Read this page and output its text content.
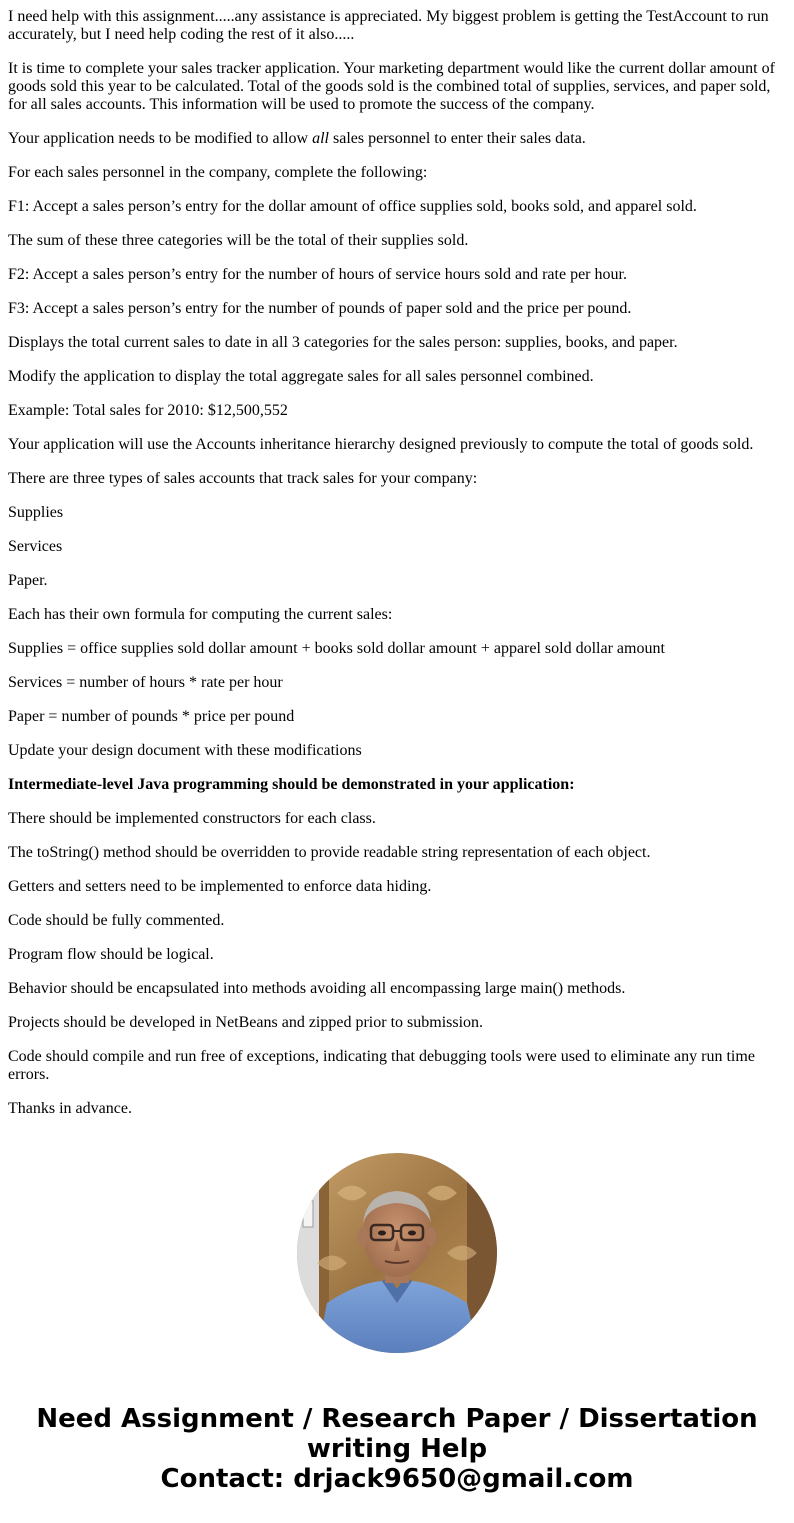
I need help with this assignment.....any assistance is appreciated. My biggest problem is getting the TestAccount to run accurately, but I need help coding the rest of it also.....

It is time to complete your sales tracker application. Your marketing department would like the current dollar amount of goods sold this year to be calculated. Total of the goods sold is the combined total of supplies, services, and paper sold, for all sales accounts. This information will be used to promote the success of the company.

Your application needs to be modified to allow all sales personnel to enter their sales data.

For each sales personnel in the company, complete the following:

F1: Accept a sales person’s entry for the dollar amount of office supplies sold, books sold, and apparel sold.

The sum of these three categories will be the total of their supplies sold.

F2: Accept a sales person’s entry for the number of hours of service hours sold and rate per hour.

F3: Accept a sales person’s entry for the number of pounds of paper sold and the price per pound.

Displays the total current sales to date in all 3 categories for the sales person: supplies, books, and paper.

Modify the application to display the total aggregate sales for all sales personnel combined.

Example: Total sales for 2010: $12,500,552

Your application will use the Accounts inheritance hierarchy designed previously to compute the total of goods sold.

There are three types of sales accounts that track sales for your company:

Supplies

Services

Paper.

Each has their own formula for computing the current sales:

Supplies = office supplies sold dollar amount + books sold dollar amount + apparel sold dollar amount

Services = number of hours * rate per hour

Paper = number of pounds * price per pound

Update your design document with these modifications

Intermediate-level Java programming should be demonstrated in your application:

There should be implemented constructors for each class.

The toString() method should be overridden to provide readable string representation of each object.

Getters and setters need to be implemented to enforce data hiding.

Code should be fully commented.

Program flow should be logical.

Behavior should be encapsulated into methods avoiding all encompassing large main() methods.

Projects should be developed in NetBeans and zipped prior to submission.

Code should compile and run free of exceptions, indicating that debugging tools were used to eliminate any run time errors.

Thanks in advance.

Need Assignment / Research Paper / Dissertation
writing Help
Contact: drjack9650@gmail.com
